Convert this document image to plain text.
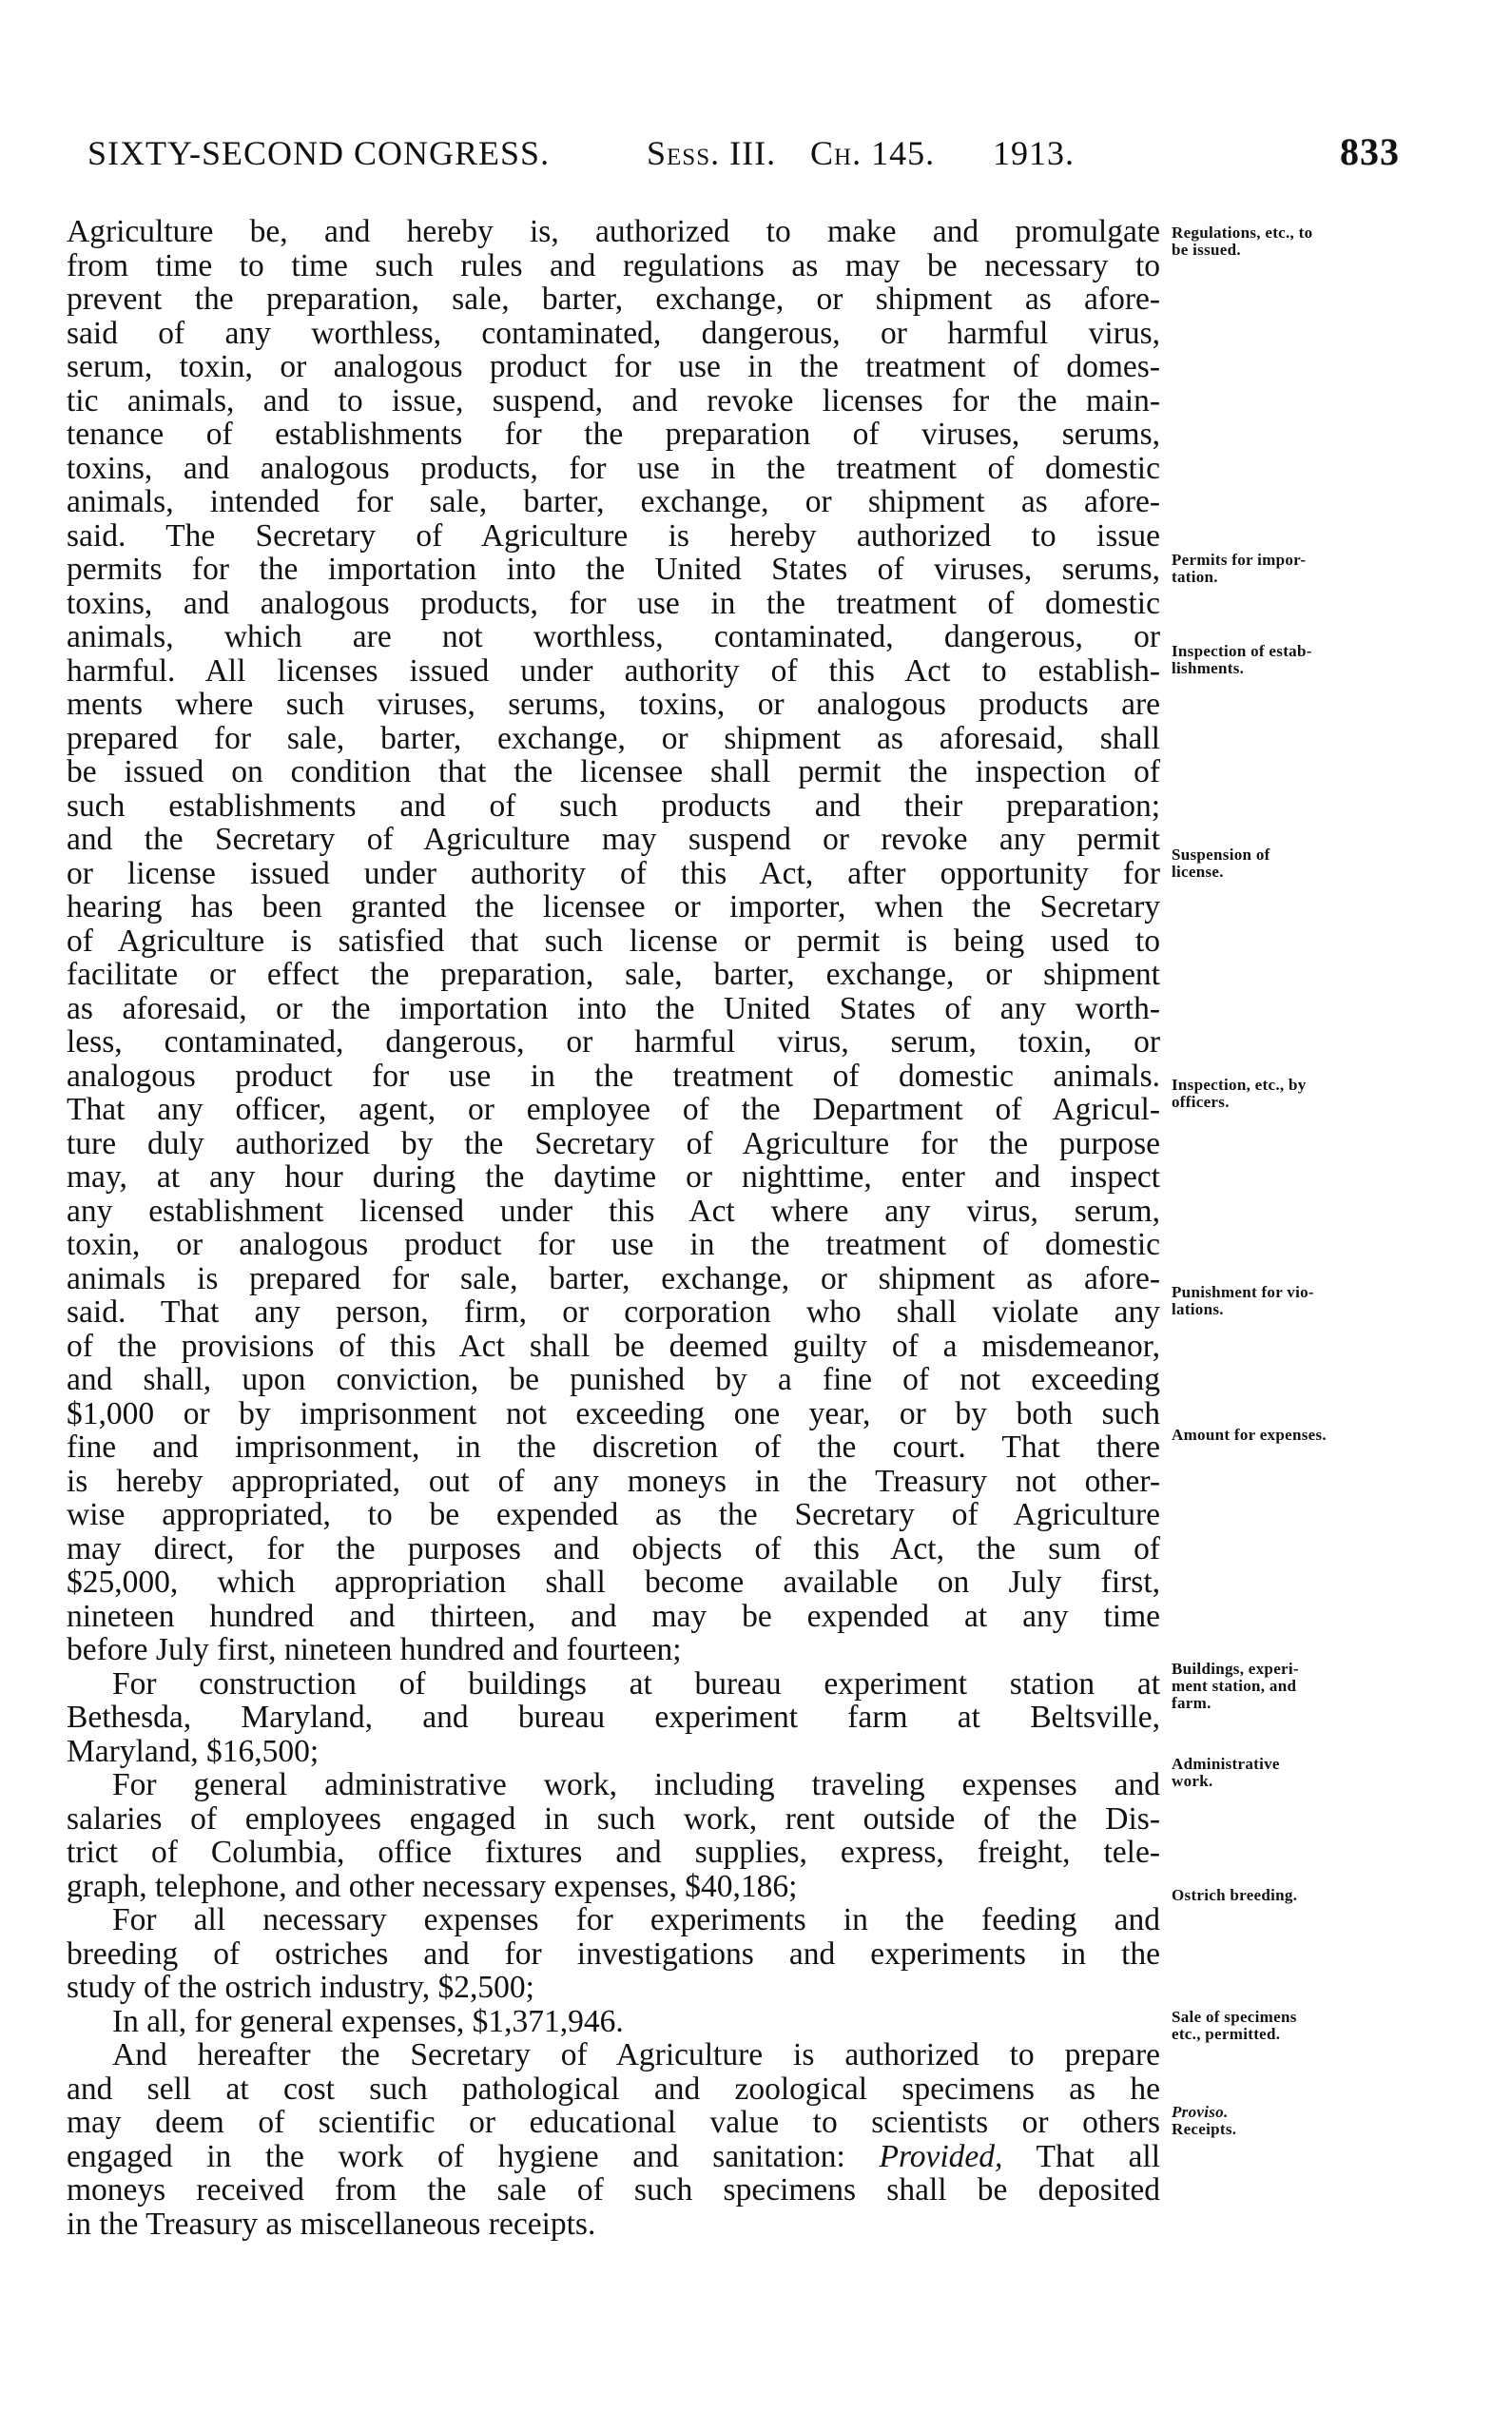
SIXTY-SECOND CONGRESS.	Sess. III. Ch. 145. 1913.	833
Agriculture be, and hereby is, authorized to make and promulgate
from time to time such rules and regulations as may be necessary to
prevent the preparation, sale, barter, exchange, or shipment as afore-
said of any worthless, contaminated, dangerous, or harmful virus,
serum, toxin, or analogous product for use in the treatment of domes-
tic animals, and to issue, suspend, and revoke licenses for the main-
tenance of establishments for the preparation of viruses, serums,
toxins, and analogous products, for use in the treatment of domestic
animals, intended for sale, barter, exchange, or shipment as afore-
said. The Secretary of Agriculture is hereby authorized to issue
permits for the importation into the United States of viruses, serums,
toxins, and analogous products, for use in the treatment of domestic
animals, which are not worthless, contaminated, dangerous, or
harmful. All licenses issued under authority of this Act to establish-
ments where such viruses, serums, toxins, or analogous products are
prepared for sale, barter, exchange, or shipment as aforesaid, shall
be issued on condition that the licensee shall permit the inspection of
such establishments and of such products and their preparation;
and the Secretary of Agriculture may suspend or revoke any permit
or license issued under authority of this Act, after opportunity for
hearing has been granted the licensee or importer, when the Secretary
of Agriculture is satisfied that such license or permit is being used to
facilitate or effect the preparation, sale, barter, exchange, or shipment
as aforesaid, or the importation into the United States of any worth-
less, contaminated, dangerous, or harmful virus, serum, toxin, or
analogous product for use in the treatment of domestic animals.
That any officer, agent, or employee of the Department of Agricul-
ture duly authorized by the Secretary of Agriculture for the purpose
may, at any hour during the daytime or nighttime, enter and inspect
any establishment licensed under this Act where any virus, serum,
toxin, or analogous product for use in the treatment of domestic
animals is prepared for sale, barter, exchange, or shipment as afore-
said. That any person, firm, or corporation who shall violate any
of the provisions of this Act shall be deemed guilty of a misdemeanor,
and shall, upon conviction, be punished by a fine of not exceeding
$1,000 or by imprisonment not exceeding one year, or by both such
fine and imprisonment, in the discretion of the court. That there
is hereby appropriated, out of any moneys in the Treasury not other-
wise appropriated, to be expended as the Secretary of Agriculture
may direct, for the purposes and objects of this Act, the sum of
$25,000, which appropriation shall become available on July first,
nineteen hundred and thirteen, and may be expended at any time
before July first, nineteen hundred and fourteen;
For construction of buildings at bureau experiment station at
Bethesda, Maryland, and bureau experiment farm at Beltsville,
Maryland, $16,500;
For general administrative work, including traveling expenses and
salaries of employees engaged in such work, rent outside of the Dis-
trict of Columbia, office fixtures and supplies, express, freight, tele-
graph, telephone, and other necessary expenses, $40,186;
For all necessary expenses for experiments in the feeding and
breeding of ostriches and for investigations and experiments in the
study of the ostrich industry, $2,500;
In all, for general expenses, $1,371,946.
And hereafter the Secretary of Agriculture is authorized to prepare
and sell at cost such pathological and zoological specimens as he
may deem of scientific or educational value to scientists or others
engaged in the work of hygiene and sanitation: Provided, That all
moneys received from the sale of such specimens shall be deposited
in the Treasury as miscellaneous receipts.
Regulations, etc., to
be issued.
Permits for impor-
tation.
Inspection of estab-
lishments.
Suspension of
license.
Inspection, etc., by
officers.
Punishment for vio-
lations.
Amount for expenses.
Buildings, experi-
ment station, and
farm.
Administrative
work.
Ostrich breeding.
Sale of specimens
etc., permitted.
Proviso.
Receipts.
